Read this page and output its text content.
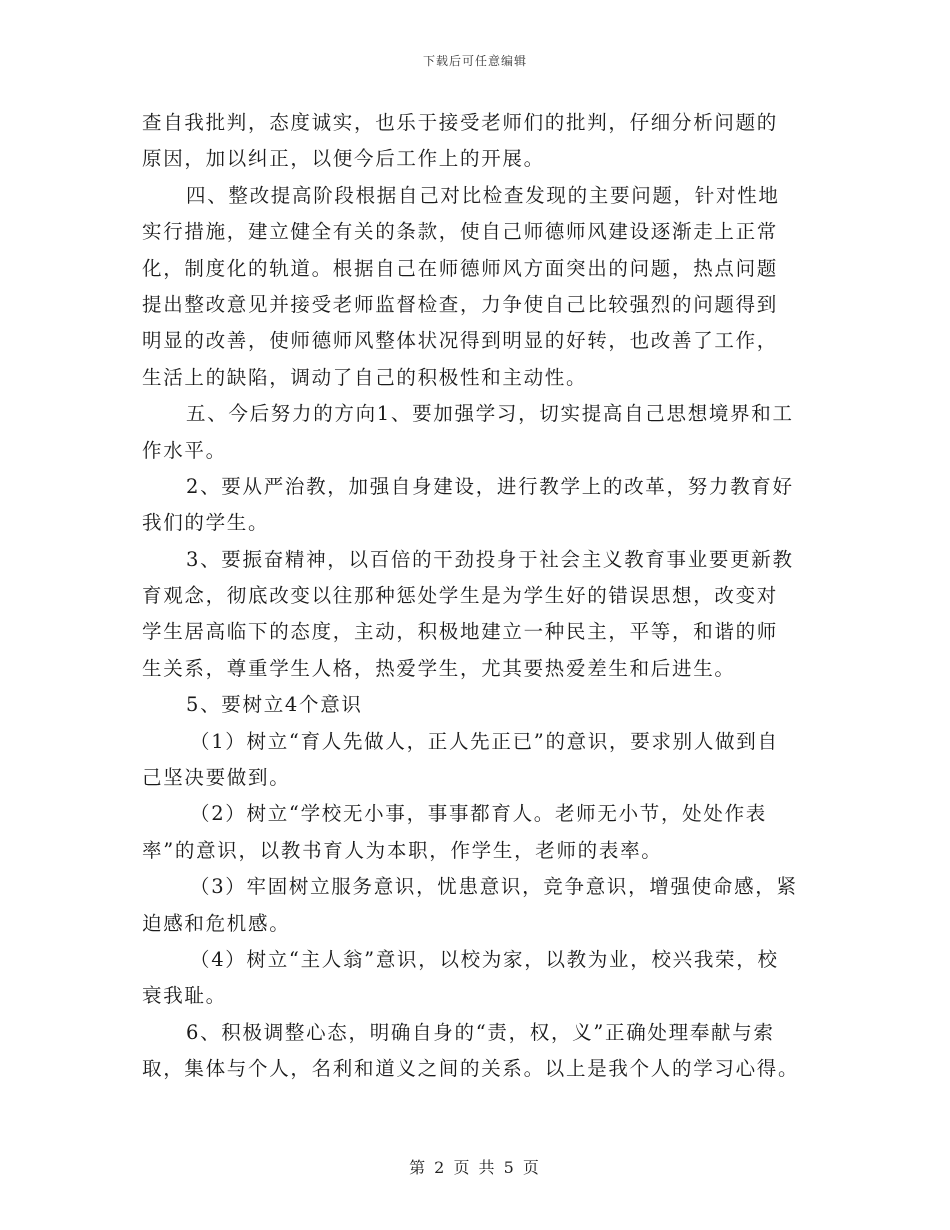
下载后可任意编辑
查自我批判，态度诚实，也乐于接受老师们的批判，仔细分析问题的
原因，加以纠正，以便今后工作上的开展。
四、整改提高阶段根据自己对比检查发现的主要问题，针对性地
实行措施，建立健全有关的条款，使自己师德师风建设逐渐走上正常
化，制度化的轨道。根据自己在师德师风方面突出的问题，热点问题
提出整改意见并接受老师监督检查，力争使自己比较强烈的问题得到
明显的改善，使师德师风整体状况得到明显的好转，也改善了工作，
生活上的缺陷，调动了自己的积极性和主动性。
五、今后努力的方向1、要加强学习，切实提高自己思想境界和工
作水平。
2、要从严治教，加强自身建设，进行教学上的改革，努力教育好
我们的学生。
3、要振奋精神，以百倍的干劲投身于社会主义教育事业要更新教
育观念，彻底改变以往那种惩处学生是为学生好的错误思想，改变对
学生居高临下的态度，主动，积极地建立一种民主，平等，和谐的师
生关系，尊重学生人格，热爱学生，尤其要热爱差生和后进生。
5、要树立4个意识
（1）树立“育人先做人，正人先正已”的意识，要求别人做到自
己坚决要做到。
（2）树立“学校无小事，事事都育人。老师无小节，处处作表
率”的意识，以教书育人为本职，作学生，老师的表率。
（3）牢固树立服务意识，忧患意识，竞争意识，增强使命感，紧
迫感和危机感。
（4）树立“主人翁”意识，以校为家，以教为业，校兴我荣，校
衰我耻。
6、积极调整心态，明确自身的“责，权，义”正确处理奉献与索
取，集体与个人，名利和道义之间的关系。以上是我个人的学习心得。
第 2 页 共 5 页
